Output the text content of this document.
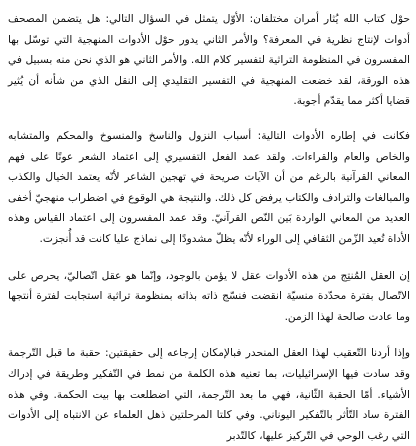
حوْل كتاب الله يُثار أمران مختلفان: الأوّل يتمثل في السؤال التالي: هل يتضمن المصحف أدوات لإنتاج نظرية في المعرفة؟ والأمر الثاني يدور حوْل الأدوات المنهجية التي توسّل بها المفسرون في المنظومة التراثية لتفسير كلام الله. والأمر الثاني هو الذي نحن منه بسبيل في هذه الورقة، لقد خضعت المنهجية في التفسير التقليدي إلى النقل الذي من شأنه أن يُثير قضايا أكثر مما يقدّم أجوبة.

فكانت في إطاره الأدوات التالية: أسباب النزول والناسخ والمنسوخ والمحكم والمتشابه والخاص والعام والقراءات. ولقد عمد الفعل التفسيري إلى اعتماد الشعر عونًا على فهم المعاني القرآنية بالرغم من أن الآيات صريحة في تهجين الشاعر لأنّه يعتمد الخيال والكذب والمبالغات والترادف والكتاب يرفض كل ذلك. والنتيجة هي الوقوع في اضطراب منهجيّ أخفى العديد من المعاني الواردة بَين النّص القرآنيّ. وقد عمد المفسرون إلى اعتماد القياس وهذه الأداة تُعيد الزّمن الثقافي إلى الوراء لأنّه يظلّ مشدودًا إلى نماذج عليا كانت قد أُنجزت.

إن العقل المُنتِج من هذه الأدوات عقل لا يؤمن بالوجود، وإنّما هو عقل اتّصاليّ، يحرص على الاتّصال بفترة محدّدة منسيّة انقضت فنسّج ذاته بذاته بمنظومة تراثية استجابت لفترة أنتجها وما عادت صالحة لهذا الزمن.

وإذا أردنا التّعقيب لهذا العقل المنحدر فبالإمكان إرجاعه إلى حقيقتين: حقبة ما قبل التّرجمة وقد سادت فيها الإسرائيليات، بما تعنيه هذه الكلمة من نمط في التّفكير وطريقة في إدراك الأشياء. أمّا الحقبة الثّانية، فهي ما بعد التّرجمة، التي اضطلعت بها بيت الحكمة. وفي هذه الفترة ساد التّأثر بالتّفكير اليوناني. وفي كلتا المرحلتين ذهل العلماء عن الانتباه إلى الأدوات التي رغب الوحي في التّركيز عليها، كالتّدبر
